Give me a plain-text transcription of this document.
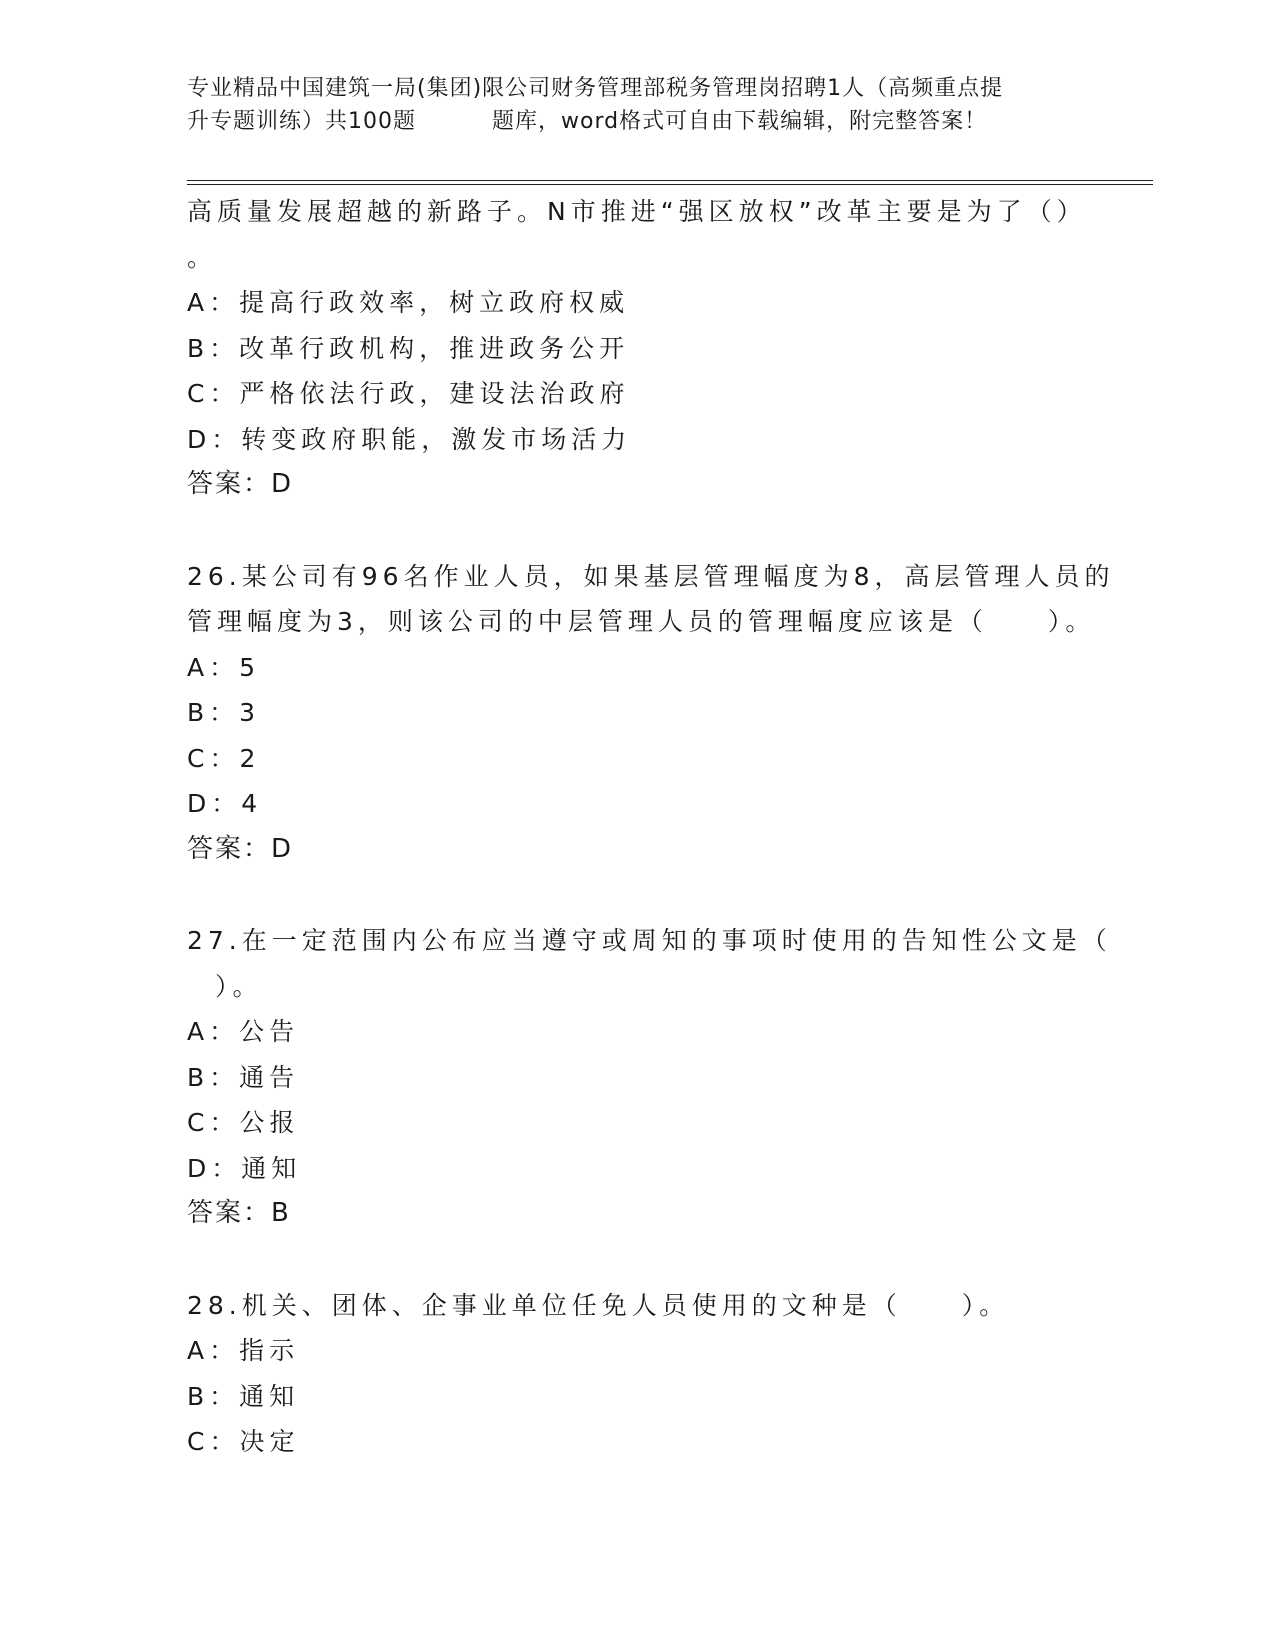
专业精品中国建筑一局(集团)限公司财务管理部税务管理岗招聘1人（高频重点提
升专题训练）共100题	题库，word格式可自由下载编辑，附完整答案！
高质量发展超越的新路子。N市推进“强区放权”改革主要是为了（）
。
A：提高行政效率，树立政府权威
B：改革行政机构，推进政务公开
C：严格依法行政，建设法治政府
D：转变政府职能，激发市场活力
答案：D
26.某公司有96名作业人员，如果基层管理幅度为8，高层管理人员的
管理幅度为3，则该公司的中层管理人员的管理幅度应该是（　　）。
A：5
B：3
C：2
D：4
答案：D
27.在一定范围内公布应当遵守或周知的事项时使用的告知性公文是（
）。
A：公告
B：通告
C：公报
D：通知
答案：B
28.机关、团体、企事业单位任免人员使用的文种是（　　）。
A：指示
B：通知
C：决定
